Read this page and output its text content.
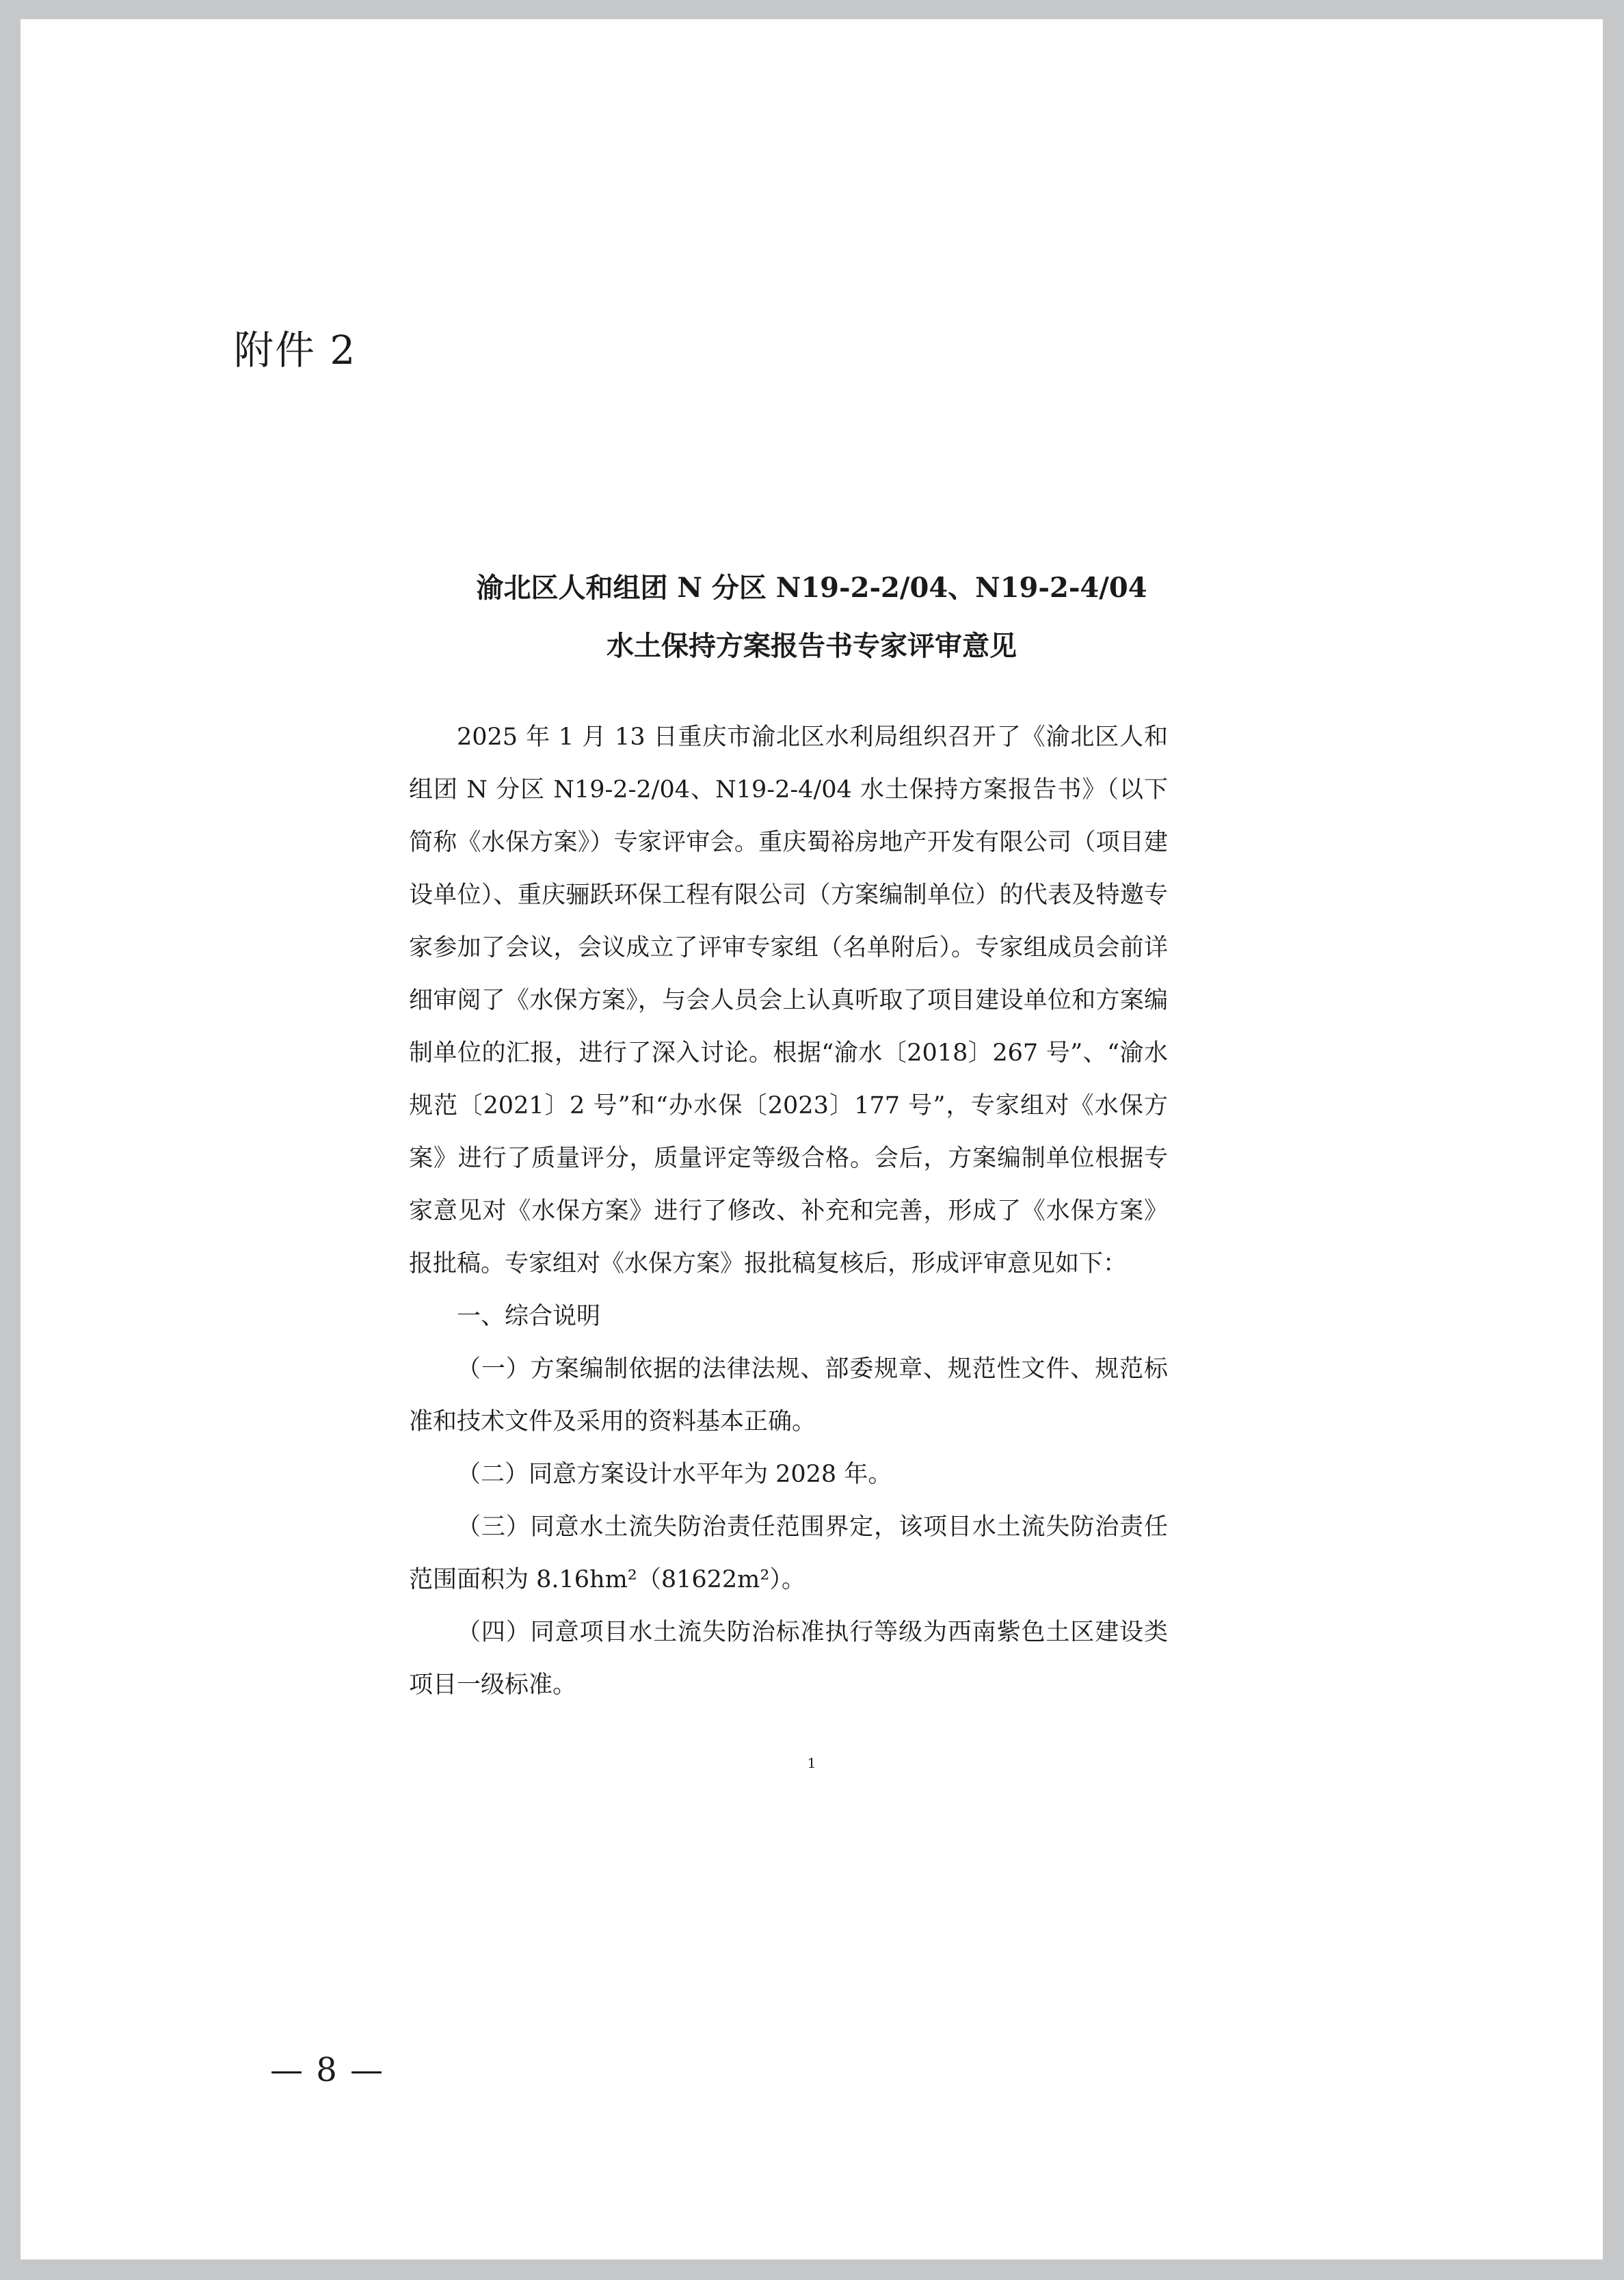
附件 2
渝北区人和组团 N 分区 N19-2-2/04、N19-2-4/04
水土保持方案报告书专家评审意见

2025 年 1 月 13 日重庆市渝北区水利局组织召开了《渝北区人和组团 N 分区 N19-2-2/04、N19-2-4/04 水土保持方案报告书》（以下简称《水保方案》）专家评审会。重庆蜀裕房地产开发有限公司（项目建设单位）、重庆骊跃环保工程有限公司（方案编制单位）的代表及特邀专家参加了会议，会议成立了评审专家组（名单附后）。专家组成员会前详细审阅了《水保方案》，与会人员会上认真听取了项目建设单位和方案编制单位的汇报，进行了深入讨论。根据“渝水〔2018〕267 号”、“渝水规范〔2021〕2 号”和“办水保〔2023〕177 号”，专家组对《水保方案》进行了质量评分，质量评定等级合格。会后，方案编制单位根据专家意见对《水保方案》进行了修改、补充和完善，形成了《水保方案》报批稿。专家组对《水保方案》报批稿复核后，形成评审意见如下：

一、综合说明

（一）方案编制依据的法律法规、部委规章、规范性文件、规范标准和技术文件及采用的资料基本正确。

（二）同意方案设计水平年为 2028 年。

（三）同意水土流失防治责任范围界定，该项目水土流失防治责任范围面积为 8.16hm²（81622m²）。

（四）同意项目水土流失防治标准执行等级为西南紫色土区建设类项目一级标准。

1
— 8 —
